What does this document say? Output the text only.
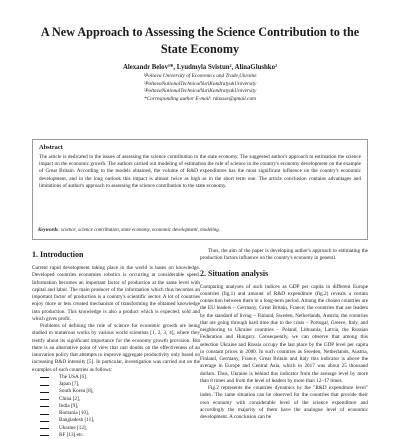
A New Approach to Assessing the Science Contribution to the State Economy
Alexandr Belov¹*, Lyudmyla Svistun², AlinaGlushko²
¹Poltava University of Economics and Trade,Ukraine
²PoltavaNationalTechnicalYuriKondratyukUniversity
²PoltavaNationalTechnicalYuriKondratyukUniversity
*Corresponding author E-mail: rdaxsse@gmail.com
Abstract
The article is dedicated to the issues of assessing the science contribution to the state economy. The suggested author's approach to estimation the science impact on the economic growth. The authors carried out modeling of estimation the role of science in the country's economy development on the example of Great Britain. According to the models obtained, the volume of R&D expenditures has the most significant influence on the country's economic development, and in the long outlook this impact is almost twice as high as in the short term one. The article conclusion contains advantages and limitations of author's approach to assessing the science contribution to the state economy.
Keywords: science, science contribution, state economy, economic development, modeling.
1. Introduction
Current rapid development taking place in the world is bases on knowledge. Developed countries economies robotics is occurring at considerable speed. Information becomes an important factor of production at the same level with capital and labor. The main producer of the information which thus becomes an important factor of production is a country's scientific sector. A lot of countries enjoy more or less created mechanism of transforming the obtained knowledge into production. This knowledge is also a product which is expected, sold and which gives profit.
Problems of defining the role of science for economic growth are being studied in numerous works by various world scientists [1, 2, 3, 4], where they testify about its significant importance for the economy growth provision. But there is an alternative point of view that cast doubts on the effectiveness of an innovation policy that attempts to improve aggregate productivity only based on increasing R&D intensity [5]. In particular, investigation was carried out on the examples of such countries as follows:
The USA [6].
Japan [7],
South Korea [8],
China [2],
India [9],
Romania [10],
Bangladesh [11],
Ukraine [12],
RF [13] etc.
Thus, the aim of the paper is developing author's approach to estimating the production factors influence on the country's economy in general.
2. Situation analysis
Comparing analyses of such indices as GDP per capita in different Europe countries (fig.1) and amount of R&D expenditure (fig.2) reveals a certain connection between them in a long-term period. Among the chosen countries are the EU leaders – Germany, Great Britain, France; the countries that are leaders by the standard of living – Finland, Sweden, Netherlands, Austria; the countries that are going through hard time due to the crisis – Portugal, Greece, Italy, and neighboring to Ukraine countries – Poland, Lithuania, Latvia, the Russian Federation and Hungary. Consequently, we can observe that among this selection Ukraine and Russia occupy the last place by the GDP level per capita in constant prices in 2000. In such countries as Sweden, Netherlands, Austria, Finland, Germany, France, Great Britain and Italy this indicator is above the average in Europe and Central Asia, which in 2017 was about 25 thousand dollars. Thus, Ukraine is behind this indicator from the average level by more than 8 times and from the level of leaders by more than 12–17 times.
Fig.2 represents the countries dynamics by the "R&D expenditure level" index. The same situation can be observed for the countries that provide their own economy with considerable level of the science expenditure and accordingly the majority of them have the analogue level of economic development. A conclusion can be
